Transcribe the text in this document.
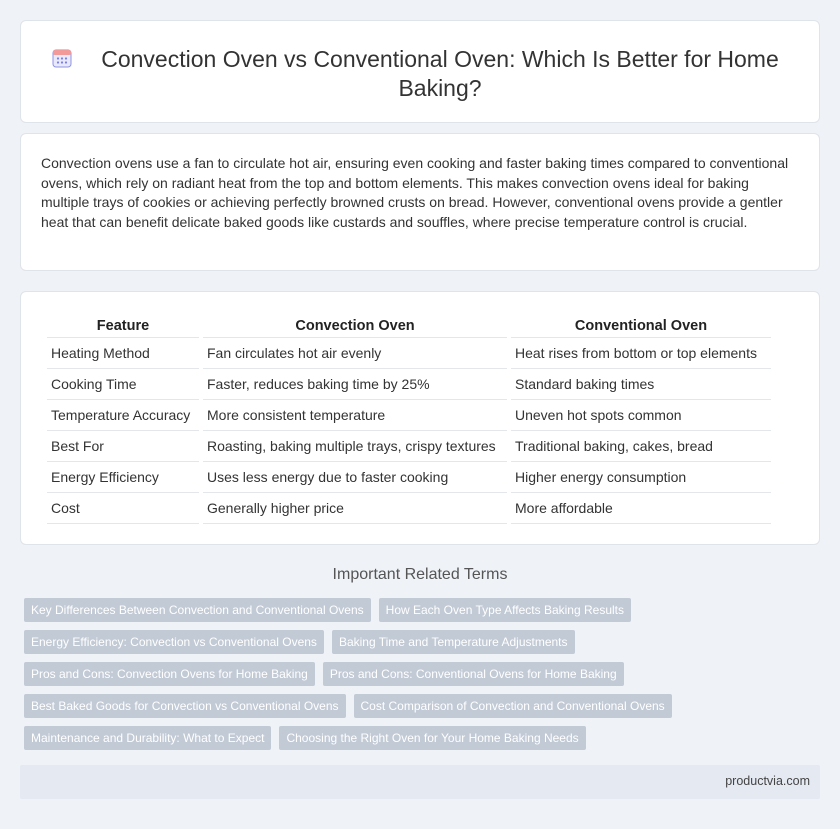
Convection Oven vs Conventional Oven: Which Is Better for Home Baking?

Convection ovens use a fan to circulate hot air, ensuring even cooking and faster baking times compared to conventional ovens, which rely on radiant heat from the top and bottom elements. This makes convection ovens ideal for baking multiple trays of cookies or achieving perfectly browned crusts on bread. However, conventional ovens provide a gentler heat that can benefit delicate baked goods like custards and souffles, where precise temperature control is crucial.

Feature	Convection Oven	Conventional Oven
Heating Method	Fan circulates hot air evenly	Heat rises from bottom or top elements
Cooking Time	Faster, reduces baking time by 25%	Standard baking times
Temperature Accuracy	More consistent temperature	Uneven hot spots common
Best For	Roasting, baking multiple trays, crispy textures	Traditional baking, cakes, bread
Energy Efficiency	Uses less energy due to faster cooking	Higher energy consumption
Cost	Generally higher price	More affordable
Important Related Terms
Key Differences Between Convection and Conventional Ovens	How Each Oven Type Affects Baking Results
Energy Efficiency: Convection vs Conventional Ovens	Baking Time and Temperature Adjustments
Pros and Cons: Convection Ovens for Home Baking	Pros and Cons: Conventional Ovens for Home Baking
Best Baked Goods for Convection vs Conventional Ovens	Cost Comparison of Convection and Conventional Ovens
Maintenance and Durability: What to Expect	Choosing the Right Oven for Your Home Baking Needs
productvia.com
